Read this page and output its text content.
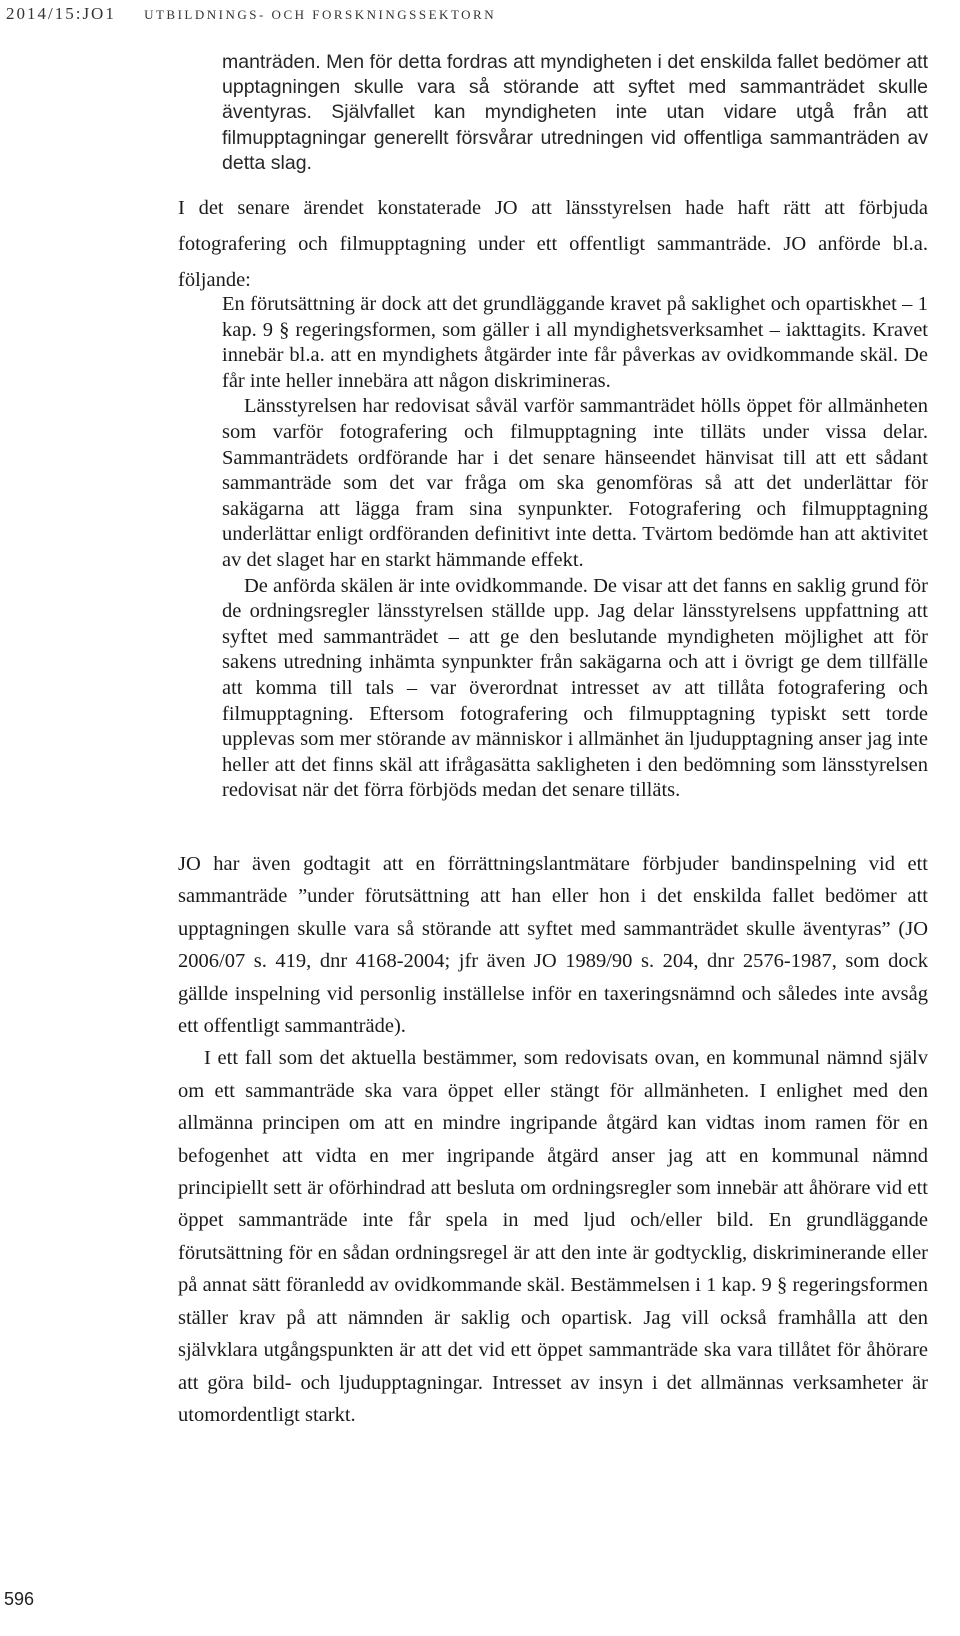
2014/15:JO1 UTBILDNINGS- OCH FORSKNINGSSEKTORN

manträden. Men för detta fordras att myndigheten i det enskilda fallet bedömer att upptagningen skulle vara så störande att syftet med sammanträdet skulle äventyras. Självfallet kan myndigheten inte utan vidare utgå från att filmupptagningar generellt försvårar utredningen vid offentliga sammanträden av detta slag.

I det senare ärendet konstaterade JO att länsstyrelsen hade haft rätt att förbjuda fotografering och filmupptagning under ett offentligt sammanträde. JO anförde bl.a. följande:

En förutsättning är dock att det grundläggande kravet på saklighet och opartiskhet – 1 kap. 9 § regeringsformen, som gäller i all myndighetsverksamhet – iakttagits. Kravet innebär bl.a. att en myndighets åtgärder inte får påverkas av ovidkommande skäl. De får inte heller innebära att någon diskrimineras.

Länsstyrelsen har redovisat såväl varför sammanträdet hölls öppet för allmänheten som varför fotografering och filmupptagning inte tilläts under vissa delar. Sammanträdets ordförande har i det senare hänseendet hänvisat till att ett sådant sammanträde som det var fråga om ska genomföras så att det underlättar för sakägarna att lägga fram sina synpunkter. Fotografering och filmupptagning underlättar enligt ordföranden definitivt inte detta. Tvärtom bedömde han att aktivitet av det slaget har en starkt hämmande effekt.

De anförda skälen är inte ovidkommande. De visar att det fanns en saklig grund för de ordningsregler länsstyrelsen ställde upp. Jag delar länsstyrelsens uppfattning att syftet med sammanträdet – att ge den beslutande myndigheten möjlighet att för sakens utredning inhämta synpunkter från sakägarna och att i övrigt ge dem tillfälle att komma till tals – var överordnat intresset av att tillåta fotografering och filmupptagning. Eftersom fotografering och filmupptagning typiskt sett torde upplevas som mer störande av människor i allmänhet än ljudupptagning anser jag inte heller att det finns skäl att ifrågasätta sakligheten i den bedömning som länsstyrelsen redovisat när det förra förbjöds medan det senare tilläts.

JO har även godtagit att en förrättningslantmätare förbjuder bandinspelning vid ett sammanträde ”under förutsättning att han eller hon i det enskilda fallet bedömer att upptagningen skulle vara så störande att syftet med sammanträdet skulle äventyras” (JO 2006/07 s. 419, dnr 4168-2004; jfr även JO 1989/90 s. 204, dnr 2576-1987, som dock gällde inspelning vid personlig inställelse inför en taxeringsnämnd och således inte avsåg ett offentligt sammanträde).

I ett fall som det aktuella bestämmer, som redovisats ovan, en kommunal nämnd själv om ett sammanträde ska vara öppet eller stängt för allmänheten. I enlighet med den allmänna principen om att en mindre ingripande åtgärd kan vidtas inom ramen för en befogenhet att vidta en mer ingripande åtgärd anser jag att en kommunal nämnd principiellt sett är oförhindrad att besluta om ordningsregler som innebär att åhörare vid ett öppet sammanträde inte får spela in med ljud och/eller bild. En grundläggande förutsättning för en sådan ordningsregel är att den inte är godtycklig, diskriminerande eller på annat sätt föranledd av ovidkommande skäl. Bestämmelsen i 1 kap. 9 § regeringsformen ställer krav på att nämnden är saklig och opartisk. Jag vill också framhålla att den självklara utgångspunkten är att det vid ett öppet sammanträde ska vara tillåtet för åhörare att göra bild- och ljudupptagningar. Intresset av insyn i det allmännas verksamheter är utomordentligt starkt.

596
